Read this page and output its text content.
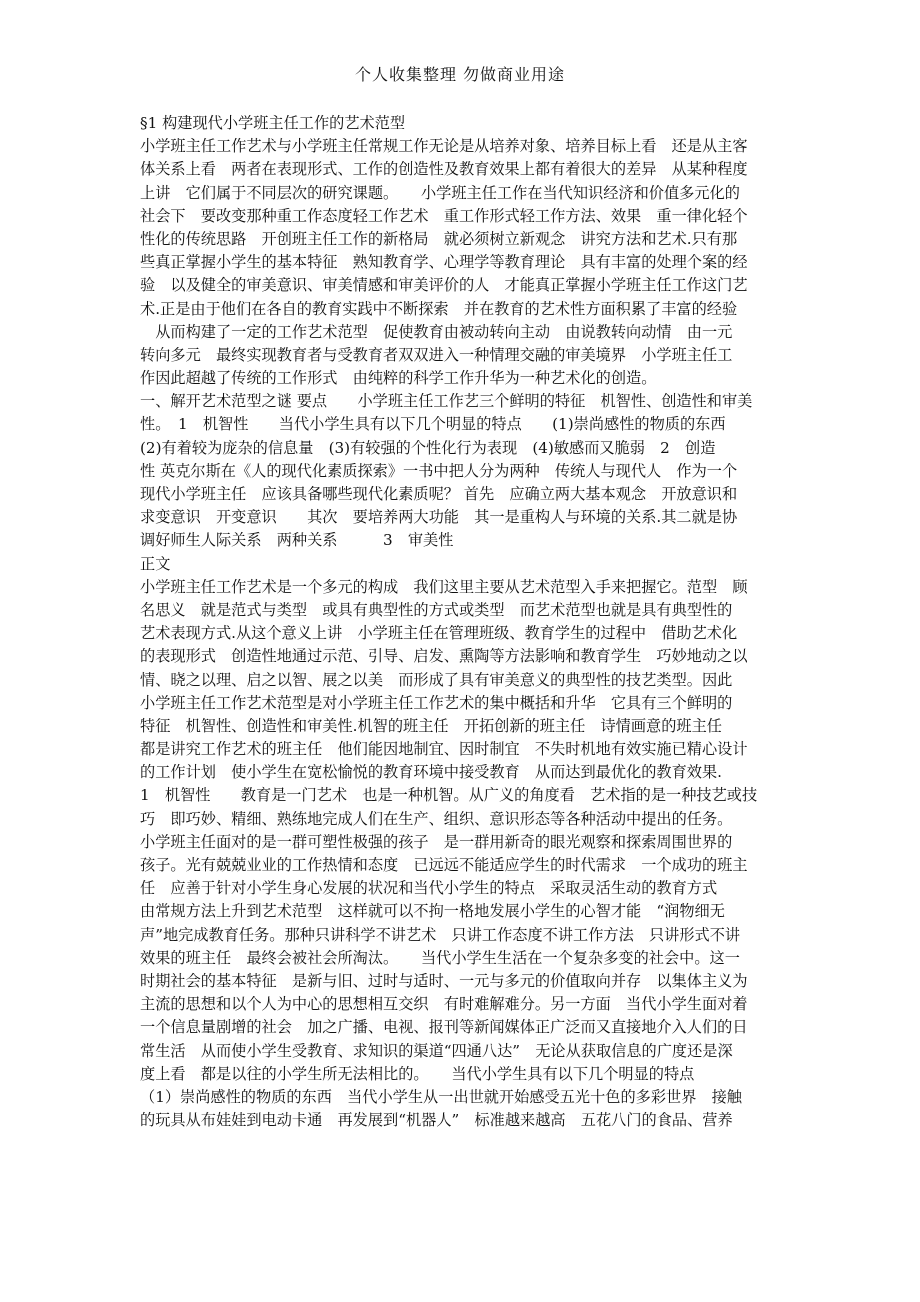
个人收集整理 勿做商业用途
§1 构建现代小学班主任工作的艺术范型
小学班主任工作艺术与小学班主任常规工作无论是从培养对象、培养目标上看　还是从主客
体关系上看　两者在表现形式、工作的创造性及教育效果上都有着很大的差异　从某种程度
上讲　它们属于不同层次的研究课题。　　小学班主任工作在当代知识经济和价值多元化的
社会下　要改变那种重工作态度轻工作艺术　重工作形式轻工作方法、效果　重一律化轻个
性化的传统思路　开创班主任工作的新格局　就必须树立新观念　讲究方法和艺术.只有那
些真正掌握小学生的基本特征　熟知教育学、心理学等教育理论　具有丰富的处理个案的经
验　以及健全的审美意识、审美情感和审美评价的人　才能真正掌握小学班主任工作这门艺
术.正是由于他们在各自的教育实践中不断探索　并在教育的艺术性方面积累了丰富的经验
　从而构建了一定的工作艺术范型　促使教育由被动转向主动　由说教转向动情　由一元
转向多元　最终实现教育者与受教育者双双进入一种情理交融的审美境界　小学班主任工
作因此超越了传统的工作形式　由纯粹的科学工作升华为一种艺术化的创造。
一、解开艺术范型之谜 要点　　小学班主任工作艺三个鲜明的特征　机智性、创造性和审美
性。　1　机智性　　当代小学生具有以下几个明显的特点　　(1)崇尚感性的物质的东西
(2)有着较为庞杂的信息量　(3)有较强的个性化行为表现　(4)敏感而又脆弱　2　创造
性 英克尔斯在《人的现代化素质探索》一书中把人分为两种　传统人与现代人　作为一个
现代小学班主任　应该具备哪些现代化素质呢？ 首先　应确立两大基本观念　开放意识和
求变意识　开变意识　　其次　要培养两大功能　其一是重构人与环境的关系.其二就是协
调好师生人际关系　两种关系　　　3　审美性
正文
小学班主任工作艺术是一个多元的构成　我们这里主要从艺术范型入手来把握它。范型　顾
名思义　就是范式与类型　或具有典型性的方式或类型　而艺术范型也就是具有典型性的
艺术表现方式.从这个意义上讲　小学班主任在管理班级、教育学生的过程中　借助艺术化
的表现形式　创造性地通过示范、引导、启发、熏陶等方法影响和教育学生　巧妙地动之以
情、晓之以理、启之以智、展之以美　而形成了具有审美意义的典型性的技艺类型。因此
小学班主任工作艺术范型是对小学班主任工作艺术的集中概括和升华　它具有三个鲜明的
特征　机智性、创造性和审美性.机智的班主任　开拓创新的班主任　诗情画意的班主任
都是讲究工作艺术的班主任　他们能因地制宜、因时制宜　不失时机地有效实施已精心设计
的工作计划　使小学生在宽松愉悦的教育环境中接受教育　从而达到最优化的教育效果.
1　机智性　　教育是一门艺术　也是一种机智。从广义的角度看　艺术指的是一种技艺或技
巧　即巧妙、精细、熟练地完成人们在生产、组织、意识形态等各种活动中提出的任务。
小学班主任面对的是一群可塑性极强的孩子　是一群用新奇的眼光观察和探索周围世界的
孩子。光有兢兢业业的工作热情和态度　已远远不能适应学生的时代需求　一个成功的班主
任　应善于针对小学生身心发展的状况和当代小学生的特点　采取灵活生动的教育方式
由常规方法上升到艺术范型　这样就可以不拘一格地发展小学生的心智才能　“润物细无
声”地完成教育任务。那种只讲科学不讲艺术　只讲工作态度不讲工作方法　只讲形式不讲
效果的班主任　最终会被社会所淘汰。　　当代小学生生活在一个复杂多变的社会中。这一
时期社会的基本特征　是新与旧、过时与适时、一元与多元的价值取向并存　以集体主义为
主流的思想和以个人为中心的思想相互交织　有时难解难分。另一方面　当代小学生面对着
一个信息量剧增的社会　加之广播、电视、报刊等新闻媒体正广泛而又直接地介入人们的日
常生活　从而使小学生受教育、求知识的渠道“四通八达”　无论从获取信息的广度还是深
度上看　都是以往的小学生所无法相比的。　　当代小学生具有以下几个明显的特点
（1）崇尚感性的物质的东西　当代小学生从一出世就开始感受五光十色的多彩世界　接触
的玩具从布娃娃到电动卡通　再发展到“机器人”　标准越来越高　五花八门的食品、营养
